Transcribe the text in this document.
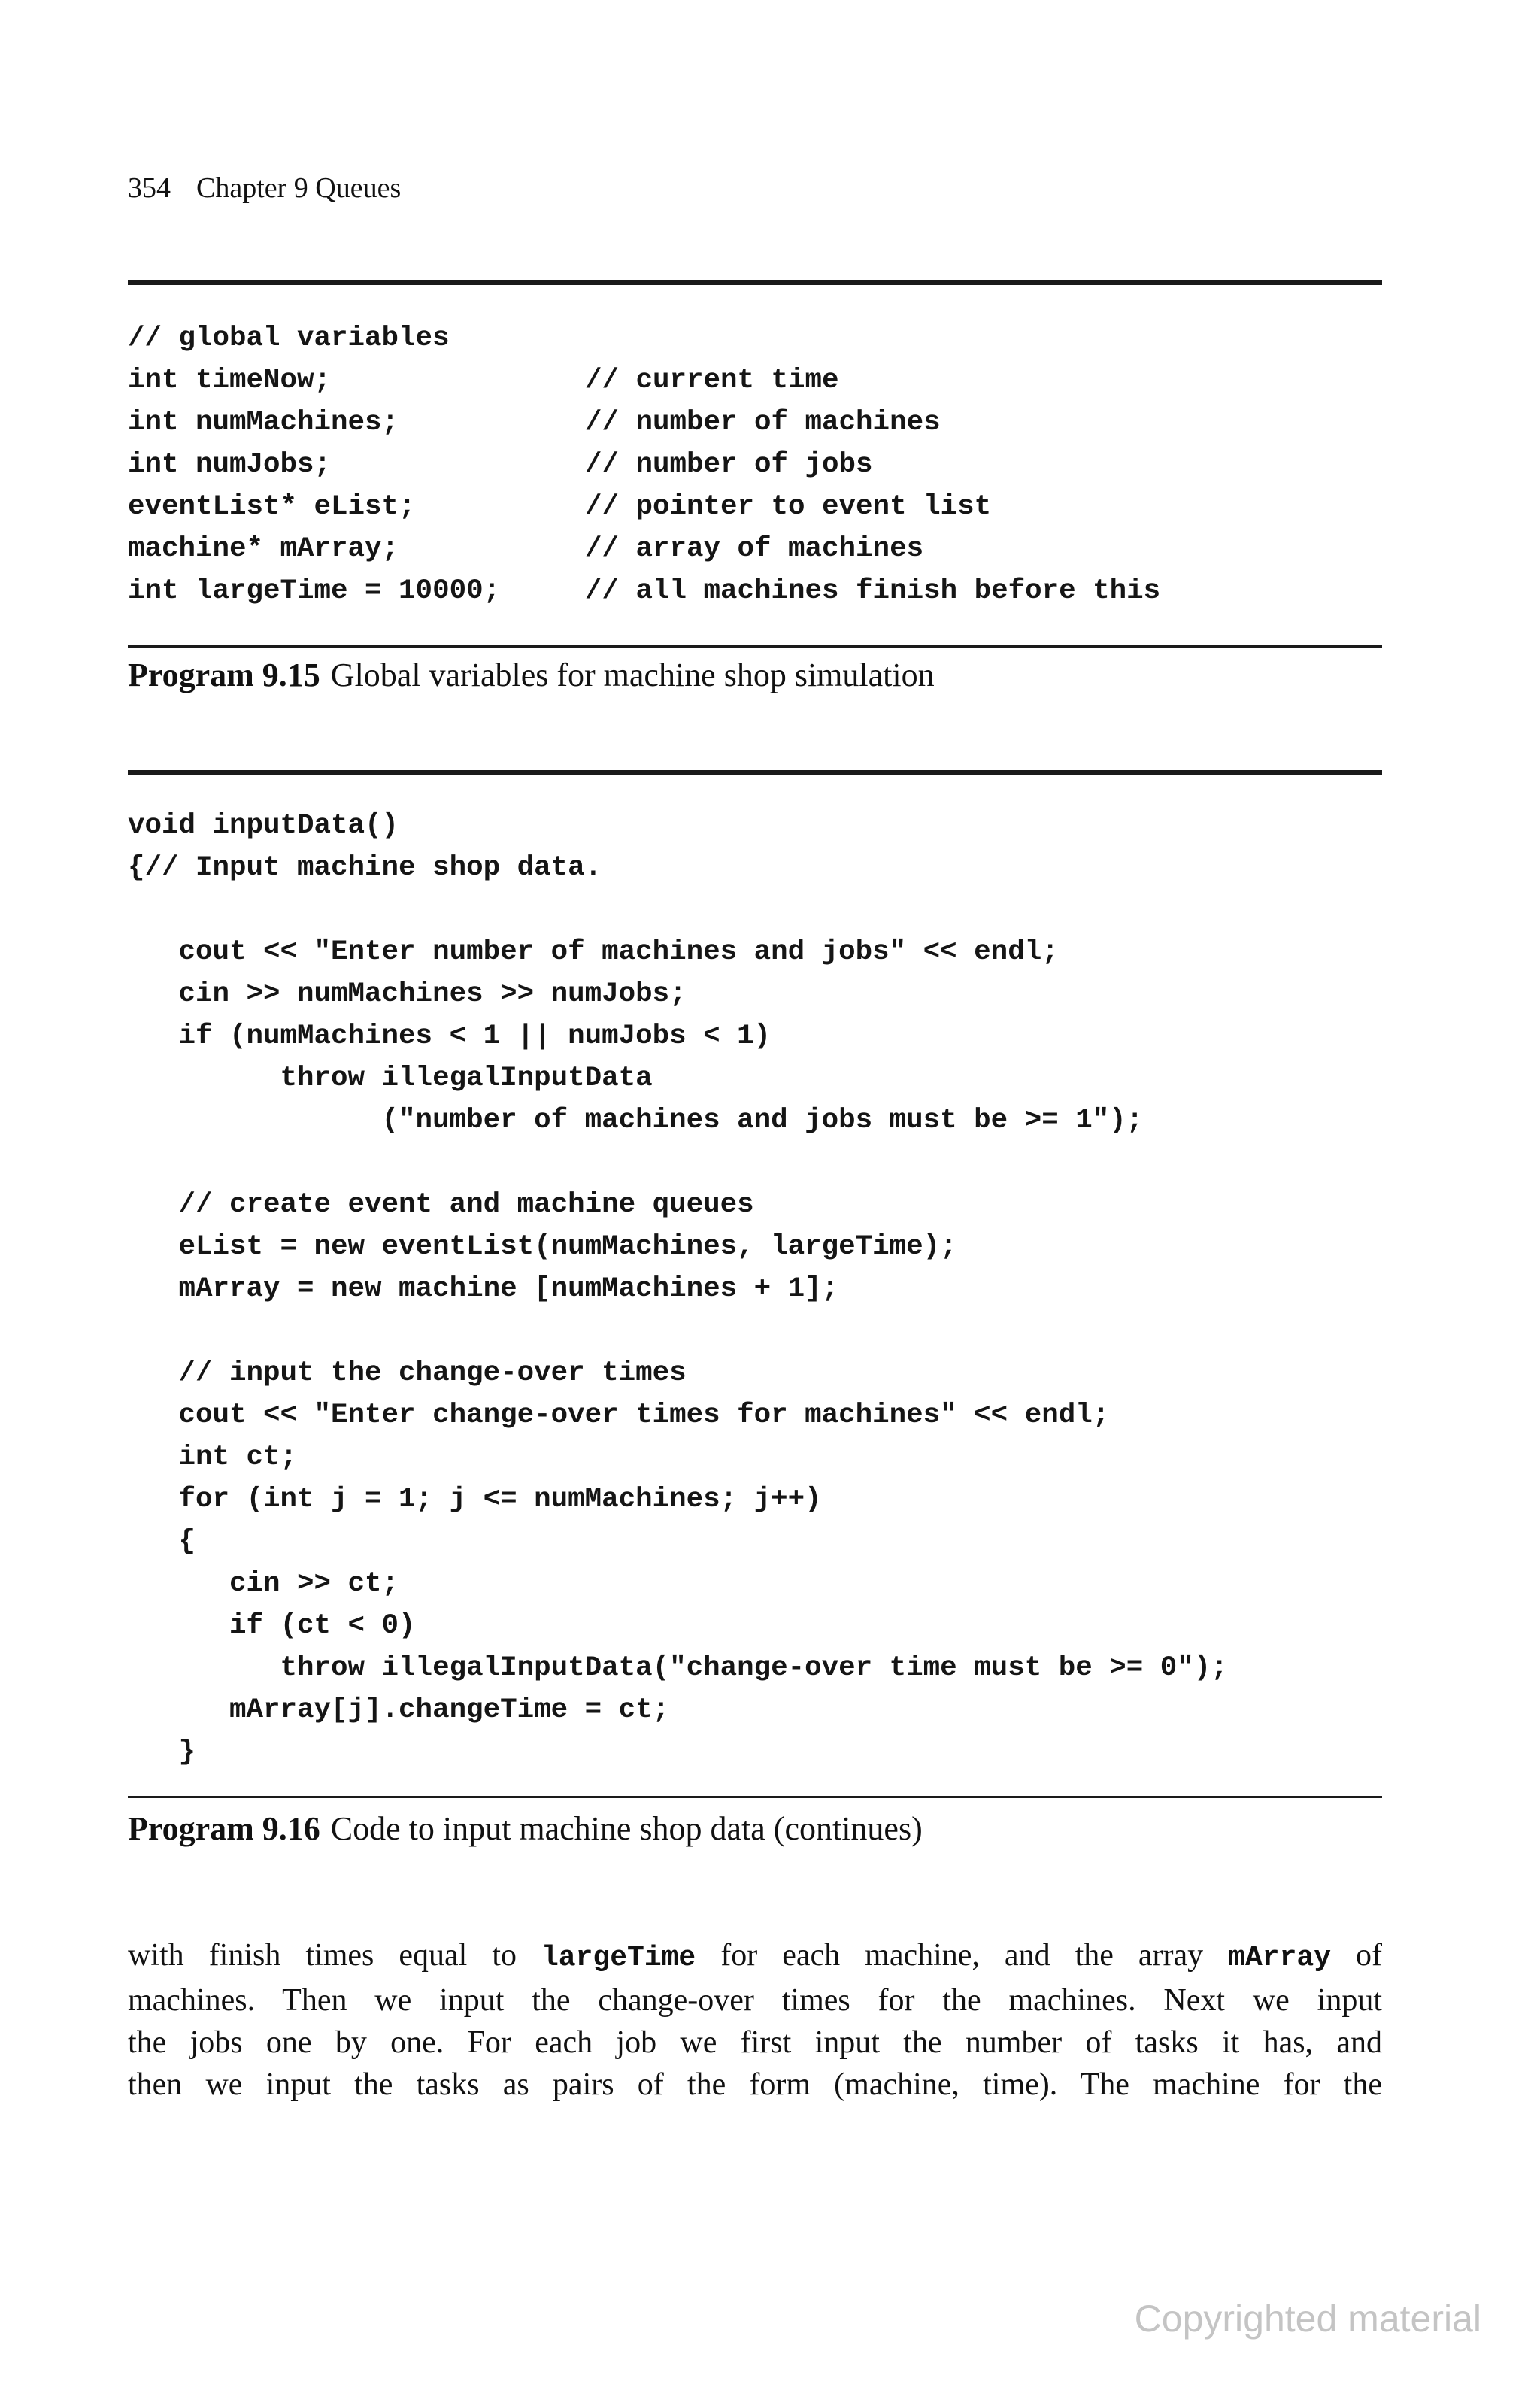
354 Chapter 9 Queues
// global variables
int timeNow;
int numMachines;
int numJobs;
eventList* eList;
machine* mArray;
int largeTime = 10000;

// current time
// number of machines
// number of jobs
// pointer to event list
// array of machines
// all machines finish before this
Program 9.15 Global variables for machine shop simulation
void inputData()
{// Input machine shop data.

cout << "Enter number of machines and jobs" << endl;
cin >> numMachines >> numJobs;
if (numMachines < 1 || numJobs < 1)
throw illegalInputData
("number of machines and jobs must be >= 1");

// create event and machine queues
eList = new eventList(numMachines, largeTime);
mArray = new machine [numMachines + 1];

// input the change-over times
cout << "Enter change-over times for machines" << endl;
int ct;
for (int j = 1; j <= numMachines; j++)
{
cin >> ct;
if (ct < 0)
throw illegalInputData("change-over time must be >= 0");
mArray[j].changeTime = ct;
}
Program 9.16 Code to input machine shop data (continues)
with finish times equal to largeTime for each machine, and the array mArray of
machines. Then we input the change-over times for the machines. Next we input
the jobs one by one. For each job we first input the number of tasks it has, and
then we input the tasks as pairs of the form (machine, time). The machine for the
Copyrighted material
